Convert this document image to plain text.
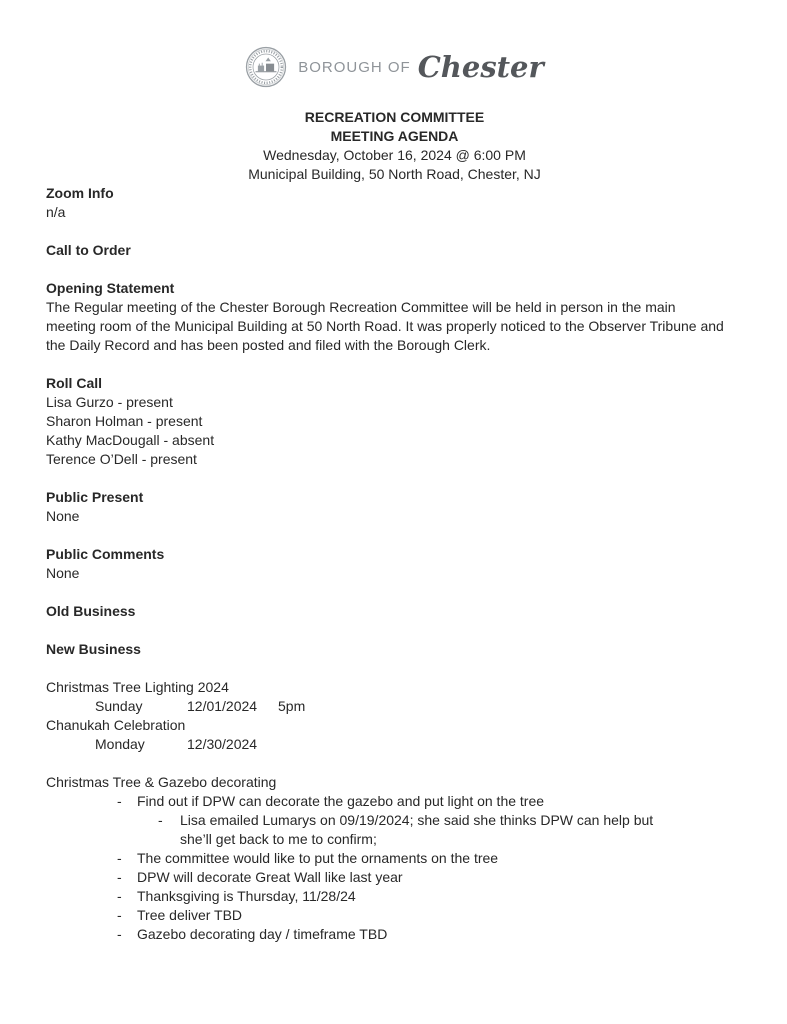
BOROUGH OF Chester
RECREATION COMMITTEE
MEETING AGENDA
Wednesday, October 16, 2024 @ 6:00 PM
Municipal Building, 50 North Road, Chester, NJ
Zoom Info
n/a
Call to Order
Opening Statement
The Regular meeting of the Chester Borough Recreation Committee will be held in person in the main meeting room of the Municipal Building at 50 North Road. It was properly noticed to the Observer Tribune and the Daily Record and has been posted and filed with the Borough Clerk.
Roll Call
Lisa Gurzo - present
Sharon Holman - present
Kathy MacDougall - absent
Terence O’Dell - present
Public Present
None
Public Comments
None
Old Business
New Business
Christmas Tree Lighting 2024
Sunday	12/01/2024 5pm
Chanukah Celebration
Monday	12/30/2024
Christmas Tree & Gazebo decorating
- Find out if DPW can decorate the gazebo and put light on the tree
- Lisa emailed Lumarys on 09/19/2024; she said she thinks DPW can help but she’ll get back to me to confirm;
- The committee would like to put the ornaments on the tree
- DPW will decorate Great Wall like last year
- Thanksgiving is Thursday, 11/28/24
- Tree deliver TBD
- Gazebo decorating day / timeframe TBD
